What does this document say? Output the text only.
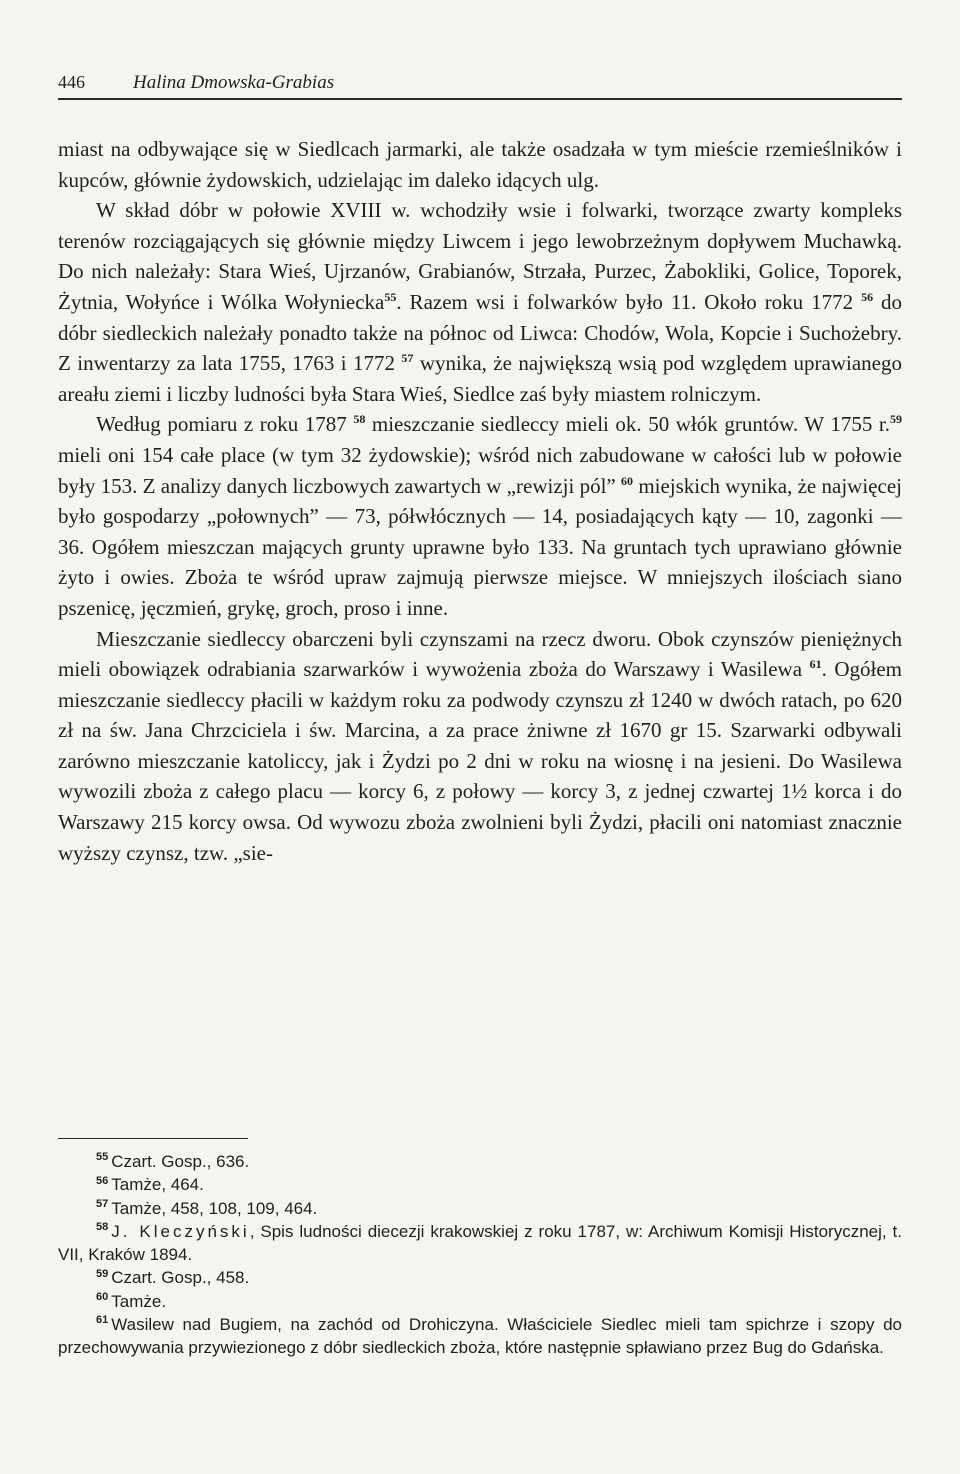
446	Halina Dmowska-Grabias

miast na odbywające się w Siedlcach jarmarki, ale także osadzała w tym mieście rzemieślników i kupców, głównie żydowskich, udzielając im daleko idących ulg.

W skład dóbr w połowie XVIII w. wchodziły wsie i folwarki, tworzące zwarty kompleks terenów rozciągających się głównie między Liwcem i jego lewobrzeżnym dopływem Muchawką. Do nich należały: Stara Wieś, Ujrzanów, Grabianów, Strzała, Purzec, Żabokliki, Golice, Toporek, Żytnia, Wołyńce i Wólka Wołyniecka$^{55}$. Razem wsi i folwarków było 11. Około roku 1772 $^{56}$ do dóbr siedleckich należały ponadto także na północ od Liwca: Chodów, Wola, Kopcie i Suchożebry. Z inwentarzy za lata 1755, 1763 i 1772 $^{57}$ wynika, że największą wsią pod względem uprawianego areału ziemi i liczby ludności była Stara Wieś, Siedlce zaś były miastem rolniczym.

Według pomiaru z roku 1787 $^{58}$ mieszczanie siedleccy mieli ok. 50 włók gruntów. W 1755 r.$^{59}$ mieli oni 154 całe place (w tym 32 żydowskie); wśród nich zabudowane w całości lub w połowie były 153. Z analizy danych liczbowych zawartych w „rewizji pól” $^{60}$ miejskich wynika, że najwięcej było gospodarzy „połownych” — 73, półwłócznych — 14, posiadających kąty — 10, zagonki — 36. Ogółem mieszczan mających grunty uprawne było 133. Na gruntach tych uprawiano głównie żyto i owies. Zboża te wśród upraw zajmują pierwsze miejsce. W mniejszych ilościach siano pszenicę, jęczmień, grykę, groch, proso i inne.

Mieszczanie siedleccy obarczeni byli czynszami na rzecz dworu. Obok czynszów pieniężnych mieli obowiązek odrabiania szarwarków i wywożenia zboża do Warszawy i Wasilewa $^{61}$. Ogółem mieszczanie siedleccy płacili w każdym roku za podwody czynszu zł 1240 w dwóch ratach, po 620 zł na św. Jana Chrzciciela i św. Marcina, a za prace żniwne zł 1670 gr 15. Szarwarki odbywali zarówno mieszczanie katoliccy, jak i Żydzi po 2 dni w roku na wiosnę i na jesieni. Do Wasilewa wywozili zboża z całego placu — korcy 6, z połowy — korcy 3, z jednej czwartej 1½ korca i do Warszawy 215 korcy owsa. Od wywozu zboża zwolnieni byli Żydzi, płacili oni natomiast znacznie wyższy czynsz, tzw. „sie-

$^{55}$ Czart. Gosp., 636.

$^{56}$ Tamże, 464.

$^{57}$ Tamże, 458, 108, 109, 464.

$^{58}$ J. Kleczyński, Spis ludności diecezji krakowskiej z roku 1787, w: Archiwum Komisji Historycznej, t. VII, Kraków 1894.

$^{59}$ Czart. Gosp., 458.

$^{60}$ Tamże.

$^{61}$ Wasilew nad Bugiem, na zachód od Drohiczyna. Właściciele Siedlec mieli tam spichrze i szopy do przechowywania przywiezionego z dóbr siedleckich zboża, które następnie spławiano przez Bug do Gdańska.
